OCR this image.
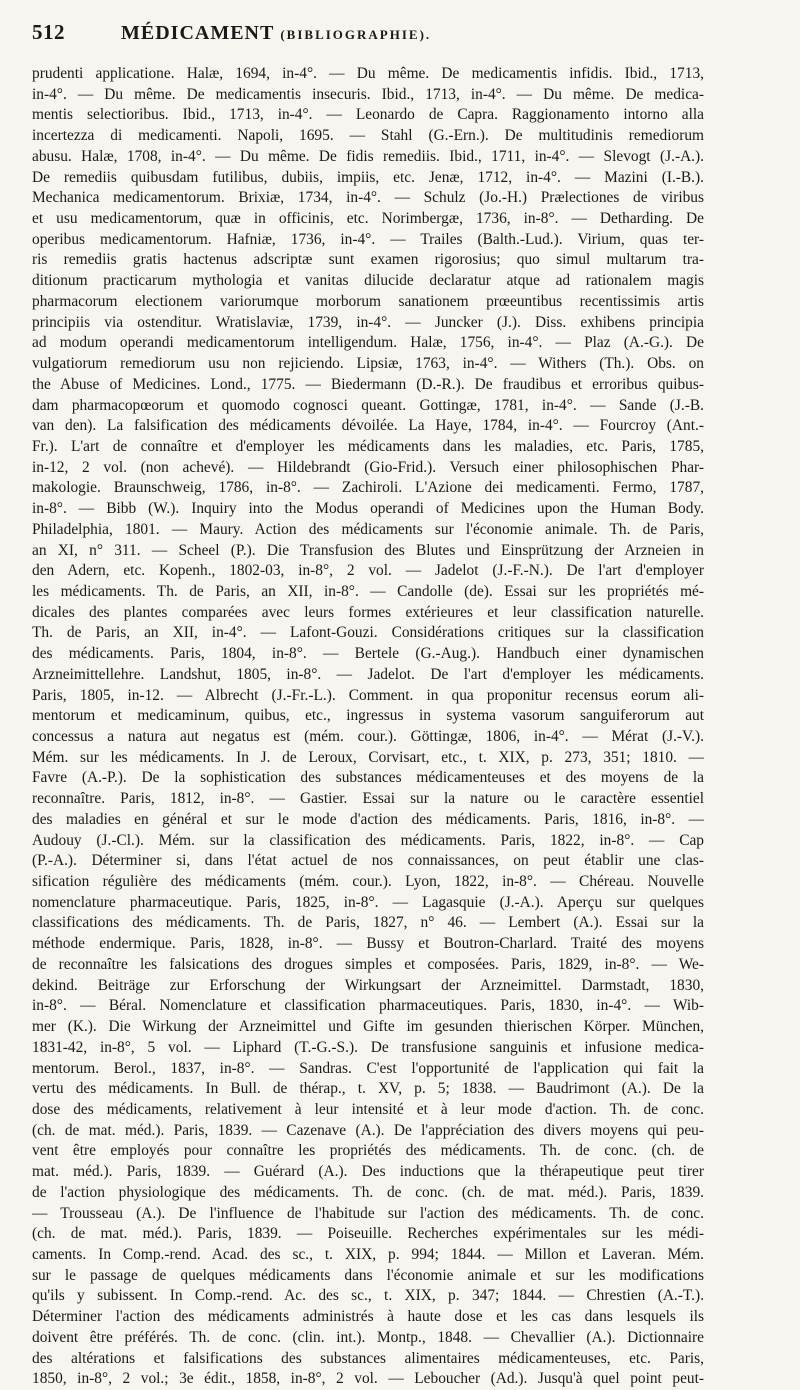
512	MÉDICAMENT (BIBLIOGRAPHIE).
prudenti applicatione. Halæ, 1694, in-4°. — Du même. De medicamentis infidis. Ibid., 1713,
in-4°. — Du même. De medicamentis insecuris. Ibid., 1713, in-4°. — Du même. De medica-
mentis selectioribus. Ibid., 1713, in-4°. — Leonardo de Capra. Raggionamento intorno alla
incertezza di medicamenti. Napoli, 1695. — Stahl (G.-Ern.). De multitudinis remediorum
abusu. Halæ, 1708, in-4°. — Du même. De fidis remediis. Ibid., 1711, in-4°. — Slevogt (J.-A.).
De remediis quibusdam futilibus, dubiis, impiis, etc. Jenæ, 1712, in-4°. — Mazini (I.-B.).
Mechanica medicamentorum. Brixiæ, 1734, in-4°. — Schulz (Jo.-H.) Prælectiones de viribus
et usu medicamentorum, quæ in officinis, etc. Norimbergæ, 1736, in-8°. — Detharding. De
operibus medicamentorum. Hafniæ, 1736, in-4°. — Trailes (Balth.-Lud.). Virium, quas ter-
ris remediis gratis hactenus adscriptæ sunt examen rigorosius; quo simul multarum tra-
ditionum practicarum mythologia et vanitas dilucide declaratur atque ad rationalem magis
pharmacorum electionem variorumque morborum sanationem prœeuntibus recentissimis artis
principiis via ostenditur. Wratislaviæ, 1739, in-4°. — Juncker (J.). Diss. exhibens principia
ad modum operandi medicamentorum intelligendum. Halæ, 1756, in-4°. — Plaz (A.-G.). De
vulgatiorum remediorum usu non rejiciendo. Lipsiæ, 1763, in-4°. — Withers (Th.). Obs. on
the Abuse of Medicines. Lond., 1775. — Biedermann (D.-R.). De fraudibus et erroribus quibus-
dam pharmacopœorum et quomodo cognosci queant. Gottingæ, 1781, in-4°. — Sande (J.-B.
van den). La falsification des médicaments dévoilée. La Haye, 1784, in-4°. — Fourcroy (Ant.-
Fr.). L'art de connaître et d'employer les médicaments dans les maladies, etc. Paris, 1785,
in-12, 2 vol. (non achevé). — Hildebrandt (Gio-Frid.). Versuch einer philosophischen Phar-
makologie. Braunschweig, 1786, in-8°. — Zachiroli. L'Azione dei medicamenti. Fermo, 1787,
in-8°. — Bibb (W.). Inquiry into the Modus operandi of Medicines upon the Human Body.
Philadelphia, 1801. — Maury. Action des médicaments sur l'économie animale. Th. de Paris,
an XI, n° 311. — Scheel (P.). Die Transfusion des Blutes und Einsprützung der Arzneien in
den Adern, etc. Kopenh., 1802-03, in-8°, 2 vol. — Jadelot (J.-F.-N.). De l'art d'employer
les médicaments. Th. de Paris, an XII, in-8°. — Candolle (de). Essai sur les propriétés mé-
dicales des plantes comparées avec leurs formes extérieures et leur classification naturelle.
Th. de Paris, an XII, in-4°. — Lafont-Gouzi. Considérations critiques sur la classification
des médicaments. Paris, 1804, in-8°. — Bertele (G.-Aug.). Handbuch einer dynamischen
Arzneimittellehre. Landshut, 1805, in-8°. — Jadelot. De l'art d'employer les médicaments.
Paris, 1805, in-12. — Albrecht (J.-Fr.-L.). Comment. in qua proponitur recensus eorum ali-
mentorum et medicaminum, quibus, etc., ingressus in systema vasorum sanguiferorum aut
concessus a natura aut negatus est (mém. cour.). Göttingæ, 1806, in-4°. — Mérat (J.-V.).
Mém. sur les médicaments. In J. de Leroux, Corvisart, etc., t. XIX, p. 273, 351; 1810. —
Favre (A.-P.). De la sophistication des substances médicamenteuses et des moyens de la
reconnaître. Paris, 1812, in-8°. — Gastier. Essai sur la nature ou le caractère essentiel
des maladies en général et sur le mode d'action des médicaments. Paris, 1816, in-8°. —
Audouy (J.-Cl.). Mém. sur la classification des médicaments. Paris, 1822, in-8°. — Cap
(P.-A.). Déterminer si, dans l'état actuel de nos connaissances, on peut établir une clas-
sification régulière des médicaments (mém. cour.). Lyon, 1822, in-8°. — Chéreau. Nouvelle
nomenclature pharmaceutique. Paris, 1825, in-8°. — Lagasquie (J.-A.). Aperçu sur quelques
classifications des médicaments. Th. de Paris, 1827, n° 46. — Lembert (A.). Essai sur la
méthode endermique. Paris, 1828, in-8°. — Bussy et Boutron-Charlard. Traité des moyens
de reconnaître les falsications des drogues simples et composées. Paris, 1829, in-8°. — We-
dekind. Beiträge zur Erforschung der Wirkungsart der Arzneimittel. Darmstadt, 1830,
in-8°. — Béral. Nomenclature et classification pharmaceutiques. Paris, 1830, in-4°. — Wib-
mer (K.). Die Wirkung der Arzneimittel und Gifte im gesunden thierischen Körper. München,
1831-42, in-8°, 5 vol. — Liphard (T.-G.-S.). De transfusione sanguinis et infusione medica-
mentorum. Berol., 1837, in-8°. — Sandras. C'est l'opportunité de l'application qui fait la
vertu des médicaments. In Bull. de thérap., t. XV, p. 5; 1838. — Baudrimont (A.). De la
dose des médicaments, relativement à leur intensité et à leur mode d'action. Th. de conc.
(ch. de mat. méd.). Paris, 1839. — Cazenave (A.). De l'appréciation des divers moyens qui peu-
vent être employés pour connaître les propriétés des médicaments. Th. de conc. (ch. de
mat. méd.). Paris, 1839. — Guérard (A.). Des inductions que la thérapeutique peut tirer
de l'action physiologique des médicaments. Th. de conc. (ch. de mat. méd.). Paris, 1839.
— Trousseau (A.). De l'influence de l'habitude sur l'action des médicaments. Th. de conc.
(ch. de mat. méd.). Paris, 1839. — Poiseuille. Recherches expérimentales sur les médi-
caments. In Comp.-rend. Acad. des sc., t. XIX, p. 994; 1844. — Millon et Laveran. Mém.
sur le passage de quelques médicaments dans l'économie animale et sur les modifications
qu'ils y subissent. In Comp.-rend. Ac. des sc., t. XIX, p. 347; 1844. — Chrestien (A.-T.).
Déterminer l'action des médicaments administrés à haute dose et les cas dans lesquels ils
doivent être préférés. Th. de conc. (clin. int.). Montp., 1848. — Chevallier (A.). Dictionnaire
des altérations et falsifications des substances alimentaires médicamenteuses, etc. Paris,
1850, in-8°, 2 vol.; 3e édit., 1858, in-8°, 2 vol. — Leboucher (Ad.). Jusqu'à quel point peut-
